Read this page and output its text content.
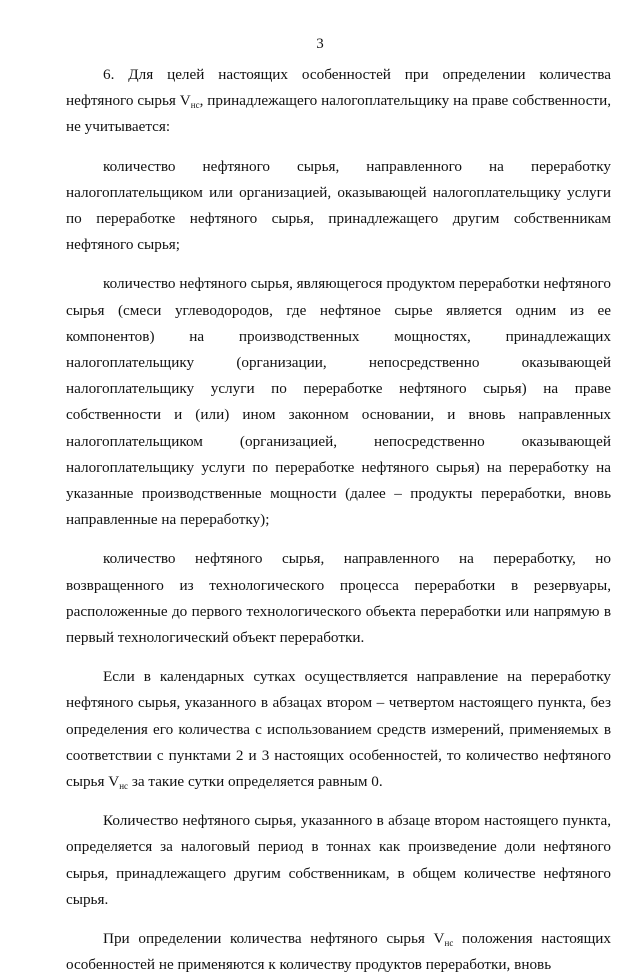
3

6. Для целей настоящих особенностей при определении количества нефтяного сырья $V_{нс}$, принадлежащего налогоплательщику на праве собственности, не учитывается:

количество нефтяного сырья, направленного на переработку налогоплательщиком или организацией, оказывающей налогоплательщику услуги по переработке нефтяного сырья, принадлежащего другим собственникам нефтяного сырья;

количество нефтяного сырья, являющегося продуктом переработки нефтяного сырья (смеси углеводородов, где нефтяное сырье является одним из ее компонентов) на производственных мощностях, принадлежащих налогоплательщику (организации, непосредственно оказывающей налогоплательщику услуги по переработке нефтяного сырья) на праве собственности и (или) ином законном основании, и вновь направленных налогоплательщиком (организацией, непосредственно оказывающей налогоплательщику услуги по переработке нефтяного сырья) на переработку на указанные производственные мощности (далее – продукты переработки, вновь направленные на переработку);

количество нефтяного сырья, направленного на переработку, но возвращенного из технологического процесса переработки в резервуары, расположенные до первого технологического объекта переработки или напрямую в первый технологический объект переработки.

Если в календарных сутках осуществляется направление на переработку нефтяного сырья, указанного в абзацах втором – четвертом настоящего пункта, без определения его количества с использованием средств измерений, применяемых в соответствии с пунктами 2 и 3 настоящих особенностей, то количество нефтяного сырья $V_{нс}$ за такие сутки определяется равным 0.

Количество нефтяного сырья, указанного в абзаце втором настоящего пункта, определяется за налоговый период в тоннах как произведение доли нефтяного сырья, принадлежащего другим собственникам, в общем количестве нефтяного сырья.

При определении количества нефтяного сырья $V_{нс}$ положения настоящих особенностей не применяются к количеству продуктов переработки, вновь
